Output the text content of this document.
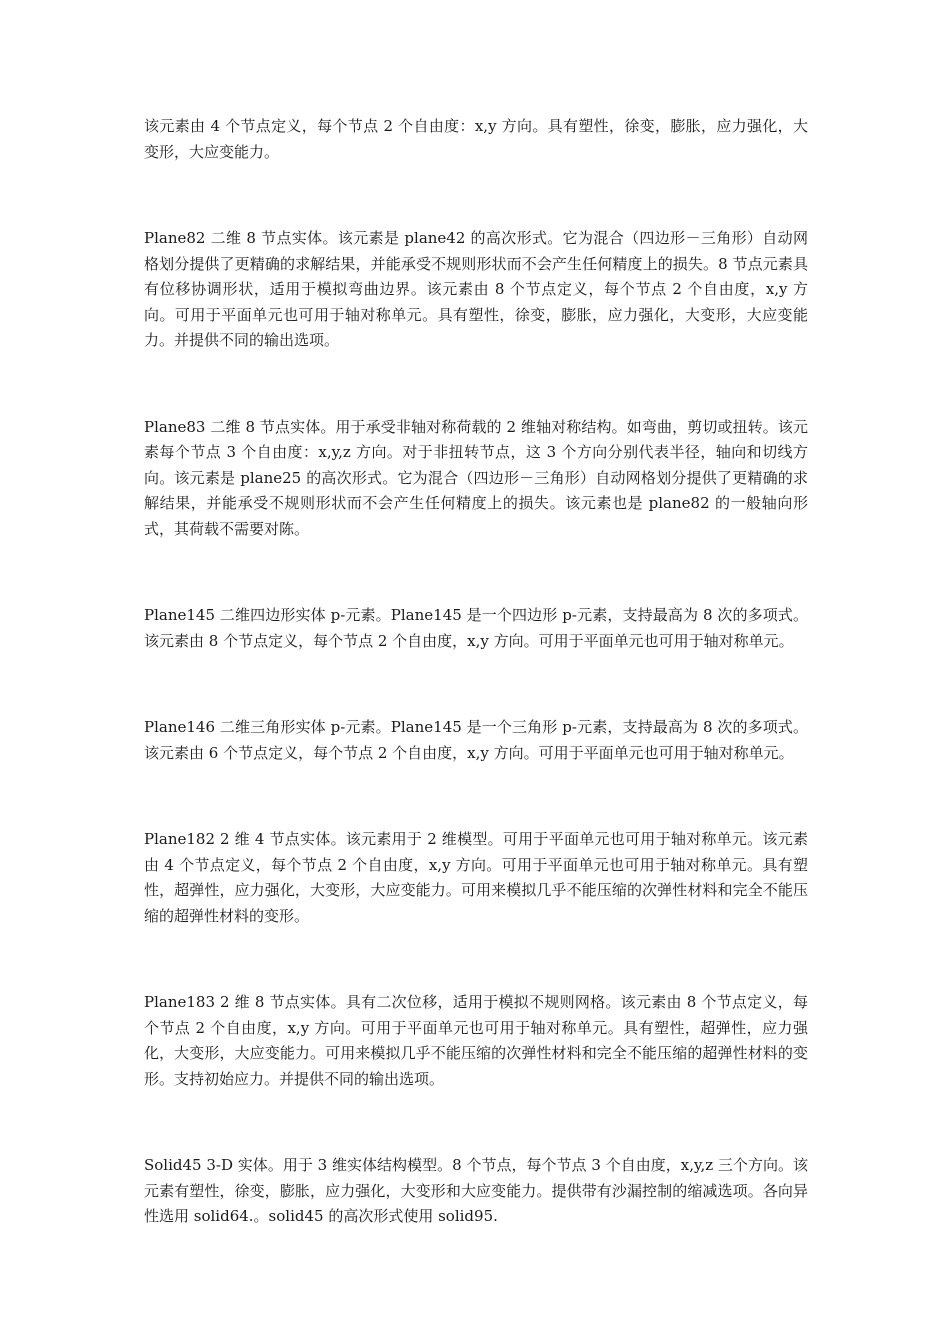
该元素由 4 个节点定义，每个节点 2 个自由度：x,y 方向。具有塑性，徐变，膨胀，应力强化，大变形，大应变能力。

Plane82 二维 8 节点实体。该元素是 plane42 的高次形式。它为混合（四边形－三角形）自动网格划分提供了更精确的求解结果，并能承受不规则形状而不会产生任何精度上的损失。8 节点元素具有位移协调形状，适用于模拟弯曲边界。该元素由 8 个节点定义，每个节点 2 个自由度，x,y 方向。可用于平面单元也可用于轴对称单元。具有塑性，徐变，膨胀，应力强化，大变形，大应变能力。并提供不同的输出选项。

Plane83 二维 8 节点实体。用于承受非轴对称荷载的 2 维轴对称结构。如弯曲，剪切或扭转。该元素每个节点 3 个自由度：x,y,z 方向。对于非扭转节点，这 3 个方向分别代表半径，轴向和切线方向。该元素是 plane25 的高次形式。它为混合（四边形－三角形）自动网格划分提供了更精确的求解结果，并能承受不规则形状而不会产生任何精度上的损失。该元素也是 plane82 的一般轴向形式，其荷载不需要对陈。

Plane145 二维四边形实体 p-元素。Plane145 是一个四边形 p-元素，支持最高为 8 次的多项式。该元素由 8 个节点定义，每个节点 2 个自由度，x,y 方向。可用于平面单元也可用于轴对称单元。

Plane146 二维三角形实体 p-元素。Plane145 是一个三角形 p-元素，支持最高为 8 次的多项式。该元素由 6 个节点定义，每个节点 2 个自由度，x,y 方向。可用于平面单元也可用于轴对称单元。

Plane182 2 维 4 节点实体。该元素用于 2 维模型。可用于平面单元也可用于轴对称单元。该元素由 4 个节点定义，每个节点 2 个自由度，x,y 方向。可用于平面单元也可用于轴对称单元。具有塑性，超弹性，应力强化，大变形，大应变能力。可用来模拟几乎不能压缩的次弹性材料和完全不能压缩的超弹性材料的变形。

Plane183 2 维 8 节点实体。具有二次位移，适用于模拟不规则网格。该元素由 8 个节点定义，每个节点 2 个自由度，x,y 方向。可用于平面单元也可用于轴对称单元。具有塑性，超弹性，应力强化，大变形，大应变能力。可用来模拟几乎不能压缩的次弹性材料和完全不能压缩的超弹性材料的变形。支持初始应力。并提供不同的输出选项。

Solid45 3-D 实体。用于 3 维实体结构模型。8 个节点，每个节点 3 个自由度，x,y,z 三个方向。该元素有塑性，徐变，膨胀，应力强化，大变形和大应变能力。提供带有沙漏控制的缩减选项。各向异性选用 solid64.。solid45 的高次形式使用 solid95.
